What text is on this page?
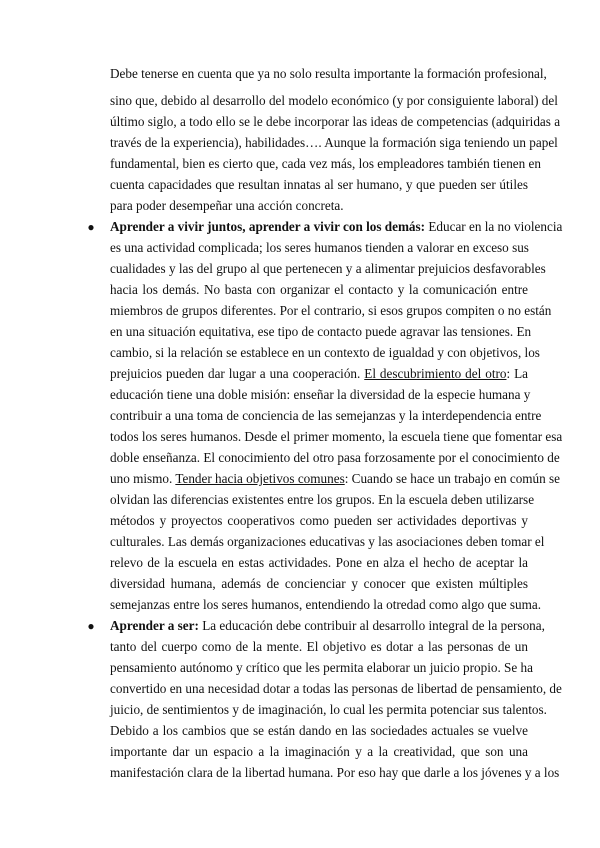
Debe tenerse en cuenta que ya no solo resulta importante la formación profesional,
sino que, debido al desarrollo del modelo económico (y por consiguiente laboral) del
último siglo, a todo ello se le debe incorporar las ideas de competencias (adquiridas a
través de la experiencia), habilidades…. Aunque la formación siga teniendo un papel
fundamental, bien es cierto que, cada vez más, los empleadores también tienen en
cuenta capacidades que resultan innatas al ser humano, y que pueden ser útiles
para poder desempeñar una acción concreta.
● Aprender a vivir juntos, aprender a vivir con los demás: Educar en la no violencia
es una actividad complicada; los seres humanos tienden a valorar en exceso sus
cualidades y las del grupo al que pertenecen y a alimentar prejuicios desfavorables
hacia los demás. No basta con organizar el contacto y la comunicación entre
miembros de grupos diferentes. Por el contrario, si esos grupos compiten o no están
en una situación equitativa, ese tipo de contacto puede agravar las tensiones. En
cambio, si la relación se establece en un contexto de igualdad y con objetivos, los
prejuicios pueden dar lugar a una cooperación. El descubrimiento del otro: La
educación tiene una doble misión: enseñar la diversidad de la especie humana y
contribuir a una toma de conciencia de las semejanzas y la interdependencia entre
todos los seres humanos. Desde el primer momento, la escuela tiene que fomentar esa
doble enseñanza. El conocimiento del otro pasa forzosamente por el conocimiento de
uno mismo. Tender hacia objetivos comunes: Cuando se hace un trabajo en común se
olvidan las diferencias existentes entre los grupos. En la escuela deben utilizarse
métodos y proyectos cooperativos como pueden ser actividades deportivas y
culturales. Las demás organizaciones educativas y las asociaciones deben tomar el
relevo de la escuela en estas actividades. Pone en alza el hecho de aceptar la
diversidad humana, además de concienciar y conocer que existen múltiples
semejanzas entre los seres humanos, entendiendo la otredad como algo que suma.
● Aprender a ser: La educación debe contribuir al desarrollo integral de la persona,
tanto del cuerpo como de la mente. El objetivo es dotar a las personas de un
pensamiento autónomo y crítico que les permita elaborar un juicio propio. Se ha
convertido en una necesidad dotar a todas las personas de libertad de pensamiento, de
juicio, de sentimientos y de imaginación, lo cual les permita potenciar sus talentos.
Debido a los cambios que se están dando en las sociedades actuales se vuelve
importante dar un espacio a la imaginación y a la creatividad, que son una
manifestación clara de la libertad humana. Por eso hay que darle a los jóvenes y a los
